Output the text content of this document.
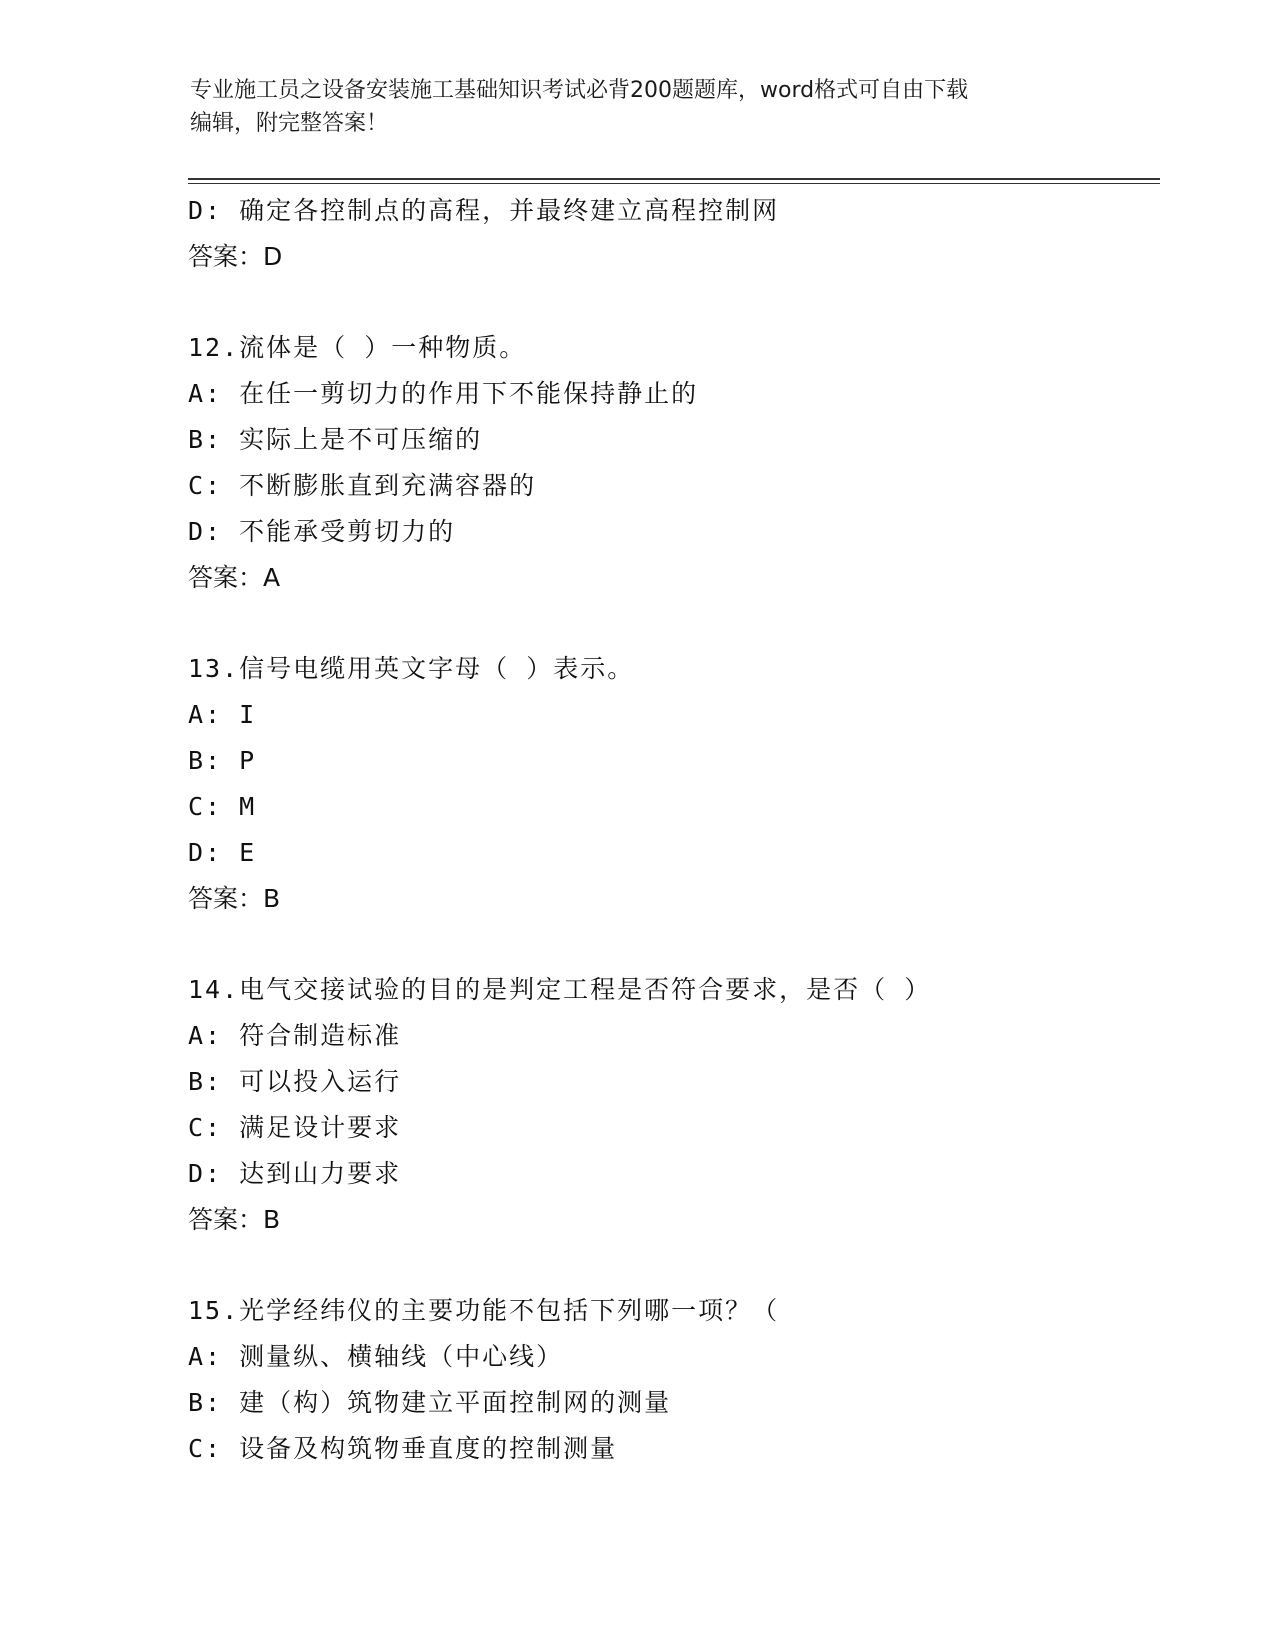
专业施工员之设备安装施工基础知识考试必背200题题库，word格式可自由下载
编辑，附完整答案！
D: 确定各控制点的高程，并最终建立高程控制网
答案：D
12.流体是（ ）一种物质。
A: 在任一剪切力的作用下不能保持静止的
B: 实际上是不可压缩的
C: 不断膨胀直到充满容器的
D: 不能承受剪切力的
答案：A
13.信号电缆用英文字母（ ）表示。
A: I
B: P
C: M
D: E
答案：B
14.电气交接试验的目的是判定工程是否符合要求，是否（ ）
A: 符合制造标准
B: 可以投入运行
C: 满足设计要求
D: 达到山力要求
答案：B
15.光学经纬仪的主要功能不包括下列哪一项？（
A: 测量纵、横轴线（中心线）
B: 建（构）筑物建立平面控制网的测量
C: 设备及构筑物垂直度的控制测量
